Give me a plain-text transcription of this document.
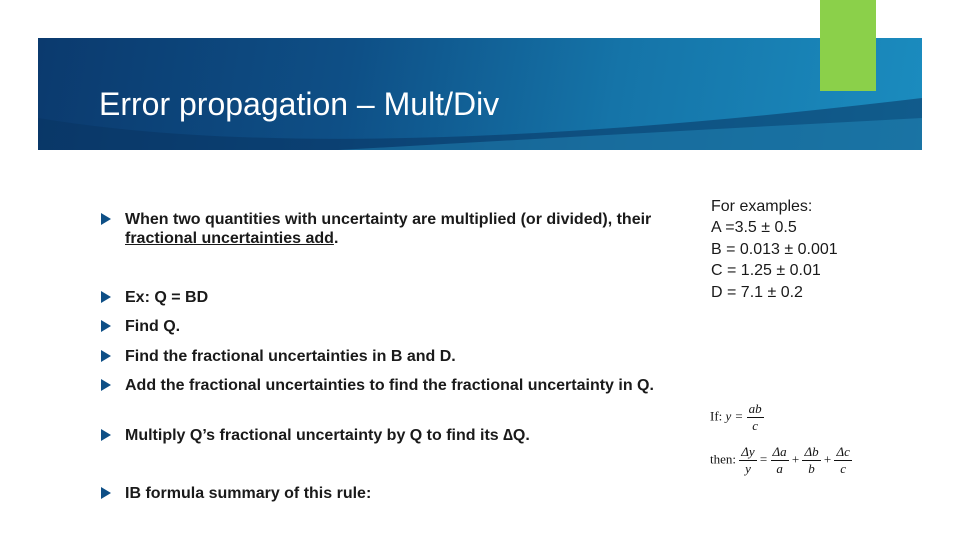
Error propagation – Mult/Div
When two quantities with uncertainty are multiplied (or divided), their fractional uncertainties add.
Ex: Q = BD
Find Q.
Find the fractional uncertainties in B and D.
Add the fractional uncertainties to find the fractional uncertainty in Q.
Multiply Q’s fractional uncertainty by Q to find its ∆Q.
IB formula summary of this rule:
For examples:
A =3.5 ± 0.5
B = 0.013 ± 0.001
C = 1.25 ± 0.01
D = 7.1 ± 0.2
If: $y = \frac{ab}{c}$
then: $\frac{\Delta y}{y} = \frac{\Delta a}{a} + \frac{\Delta b}{b} + \frac{\Delta c}{c}$
